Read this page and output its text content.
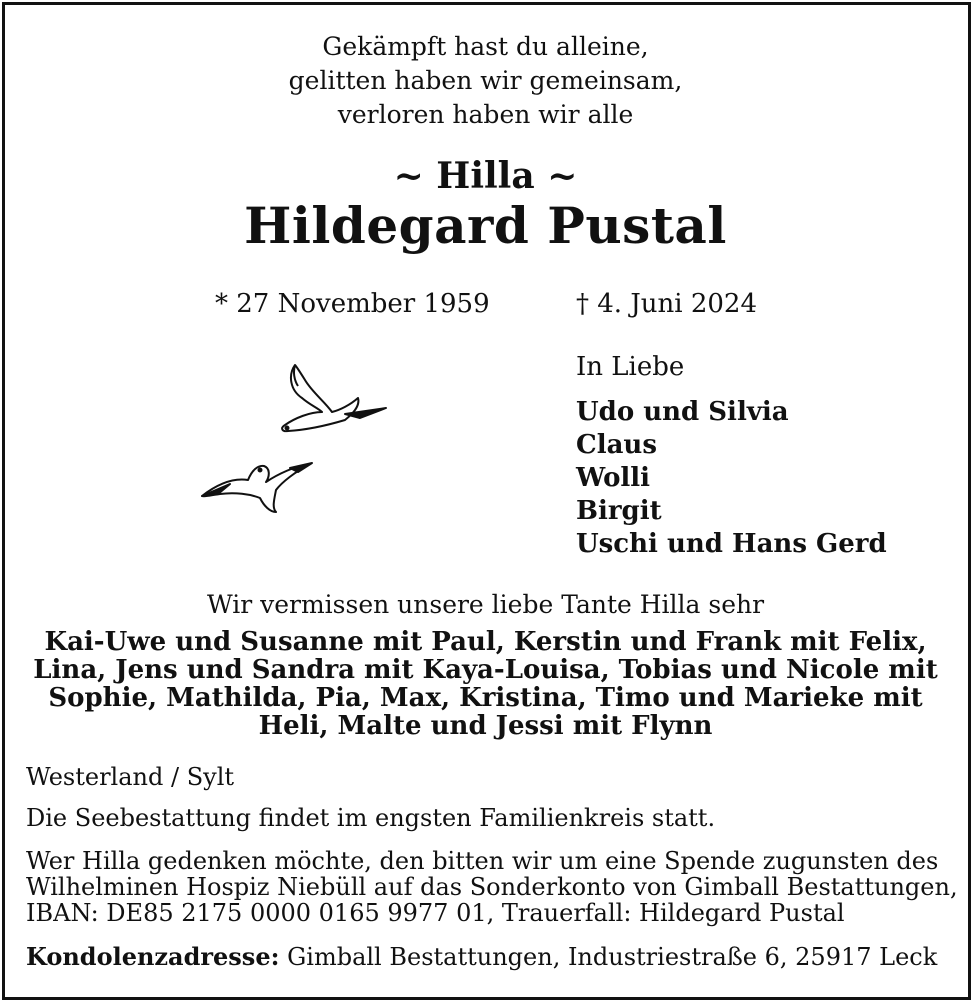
Gekämpft hast du alleine,
gelitten haben wir gemeinsam,
verloren haben wir alle
~ Hilla ~
Hildegard Pustal
* 27 November 1959	† 4. Juni 2024
In Liebe
Udo und Silvia
Claus
Wolli
Birgit
Uschi und Hans Gerd
Wir vermissen unsere liebe Tante Hilla sehr
Kai-Uwe und Susanne mit Paul, Kerstin und Frank mit Felix, Lina, Jens und Sandra mit Kaya-Louisa, Tobias und Nicole mit Sophie, Mathilda, Pia, Max, Kristina, Timo und Marieke mit Heli, Malte und Jessi mit Flynn
Westerland / Sylt
Die Seebestattung findet im engsten Familienkreis statt.
Wer Hilla gedenken möchte, den bitten wir um eine Spende zugunsten des
Wilhelminen Hospiz Niebüll auf das Sonderkonto von Gimball Bestattungen,
IBAN: DE85 2175 0000 0165 9977 01, Trauerfall: Hildegard Pustal
Kondolenzadresse: Gimball Bestattungen, Industriestraße 6, 25917 Leck
